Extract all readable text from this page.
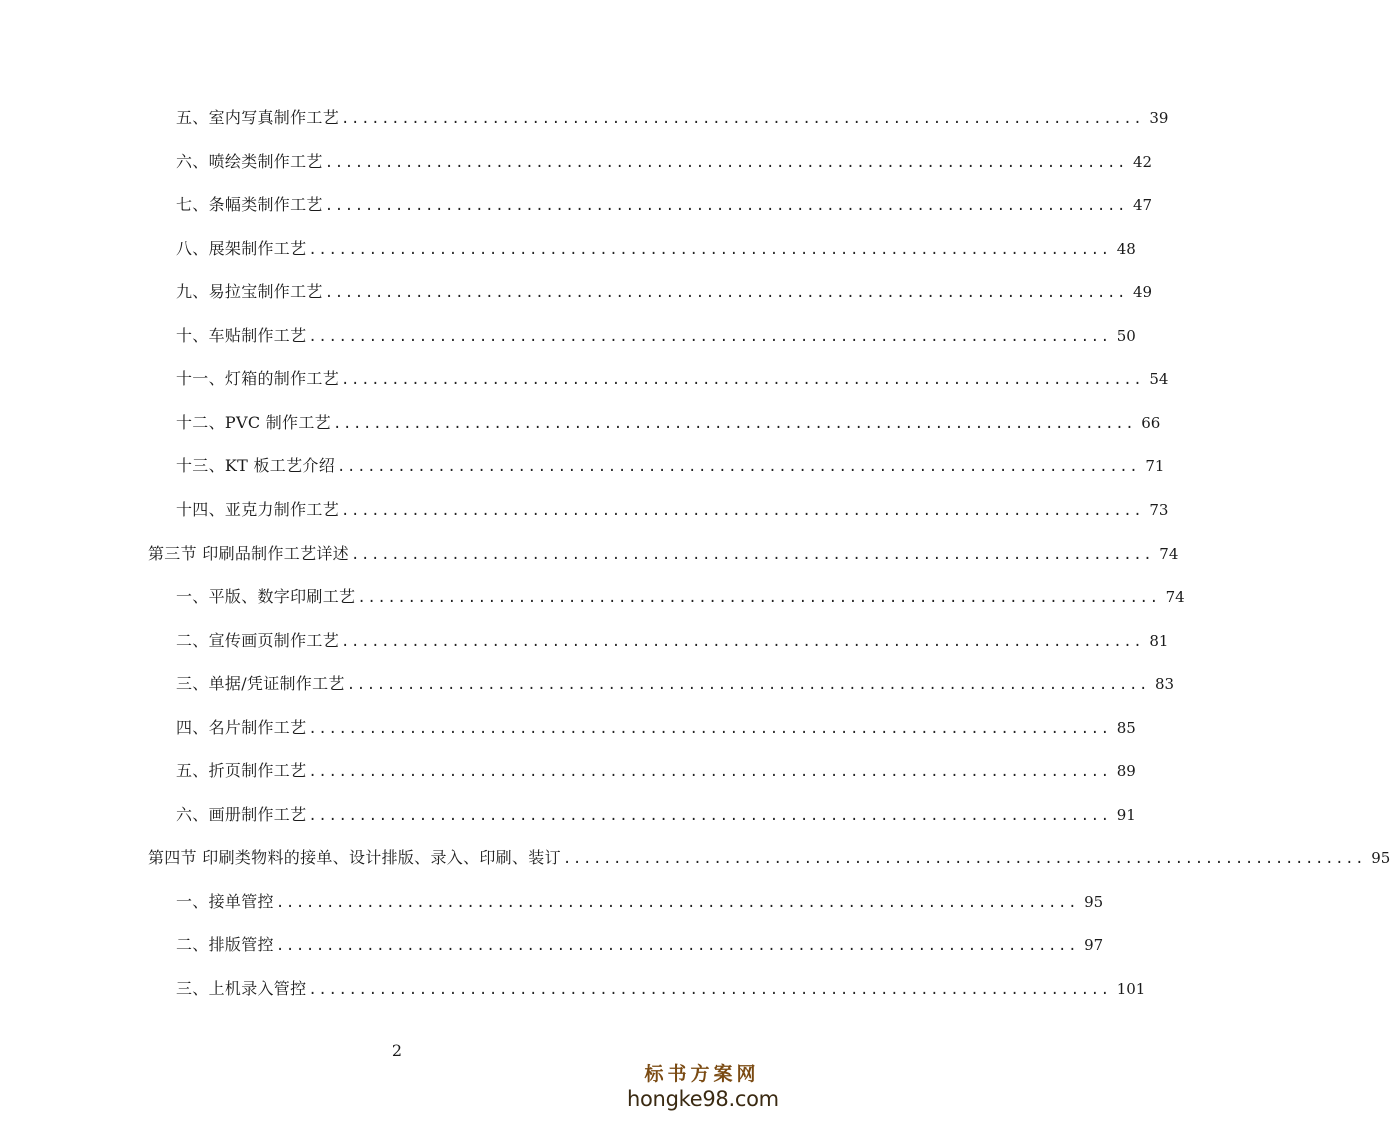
五、室内写真制作工艺 ................................................................................ 39
六、喷绘类制作工艺 ................................................................................ 42
七、条幅类制作工艺 ................................................................................ 47
八、展架制作工艺 ................................................................................ 48
九、易拉宝制作工艺 ................................................................................ 49
十、车贴制作工艺 ................................................................................ 50
十一、灯箱的制作工艺 ................................................................................ 54
十二、PVC 制作工艺 ................................................................................ 66
十三、KT 板工艺介绍 ................................................................................ 71
十四、亚克力制作工艺 ................................................................................ 73
第三节 印刷品制作工艺详述 ................................................................................ 74
一、平版、数字印刷工艺 ................................................................................ 74
二、宣传画页制作工艺 ................................................................................ 81
三、单据/凭证制作工艺 ................................................................................ 83
四、名片制作工艺 ................................................................................ 85
五、折页制作工艺 ................................................................................ 89
六、画册制作工艺 ................................................................................ 91
第四节 印刷类物料的接单、设计排版、录入、印刷、装订 ................................................................................ 95
一、接单管控 ................................................................................ 95
二、排版管控 ................................................................................ 97
三、上机录入管控 ................................................................................ 101
2
标书方案网
hongke98.com
